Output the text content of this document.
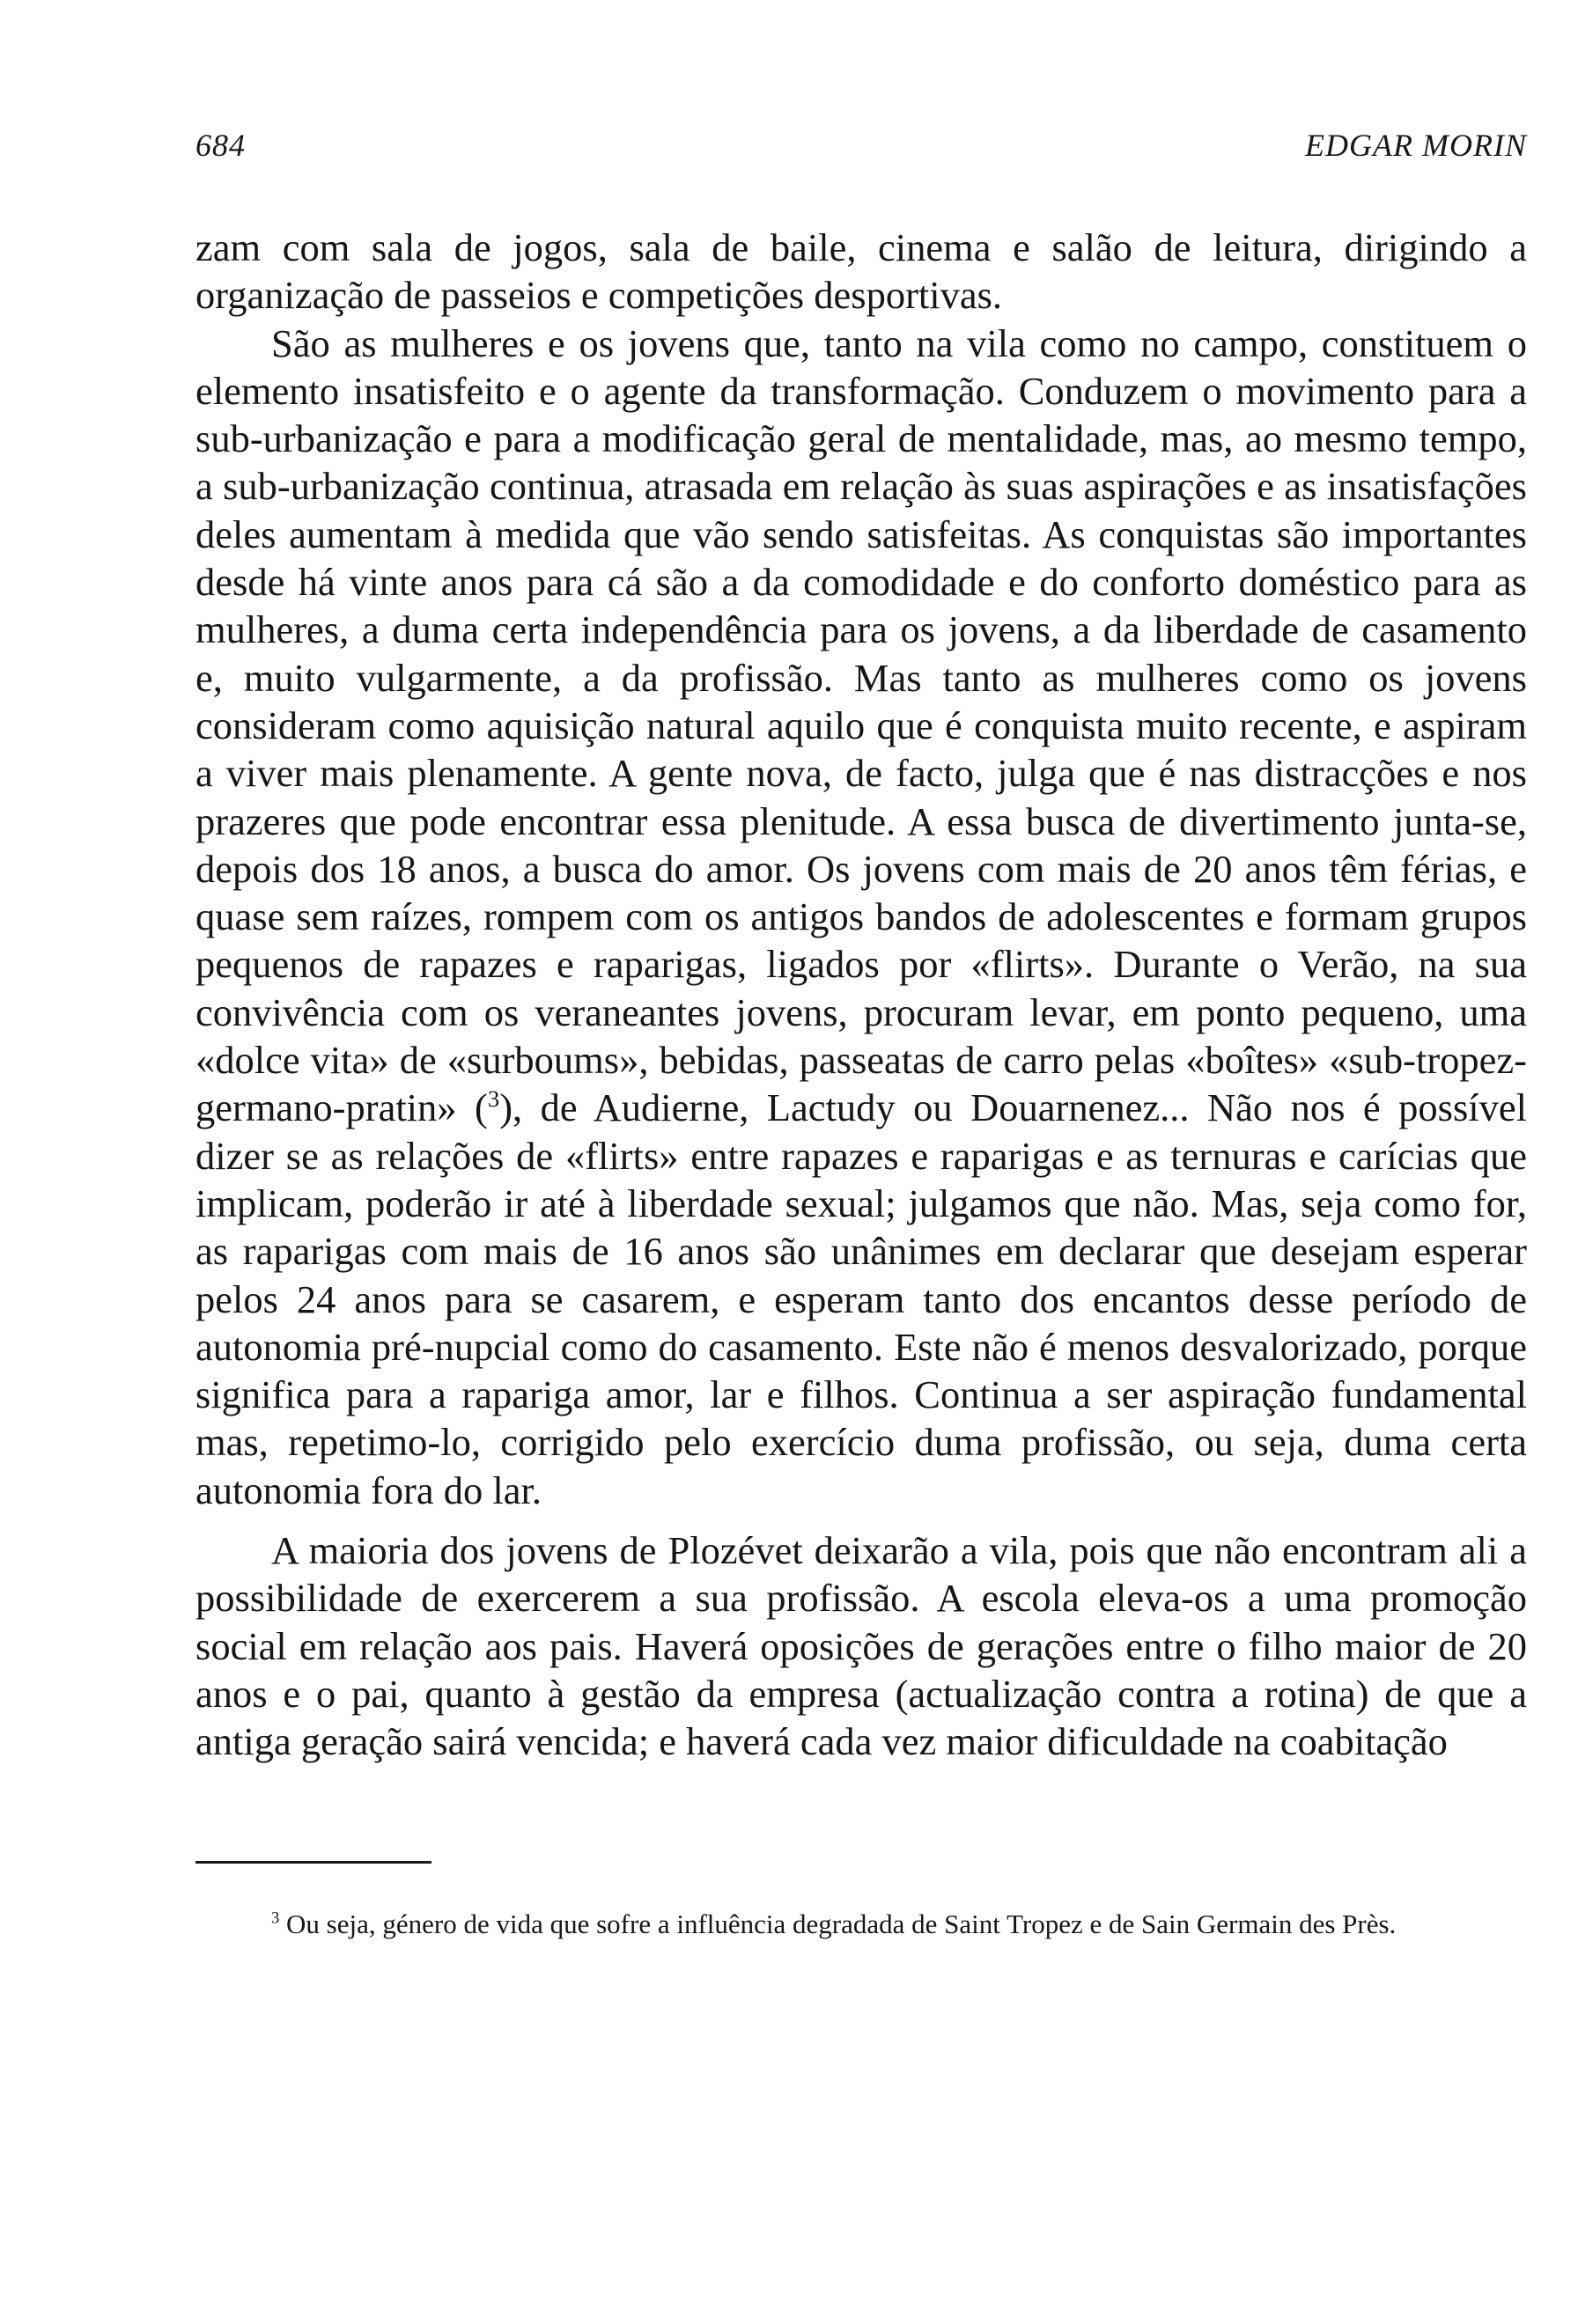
684	EDGAR MORIN

zam com sala de jogos, sala de baile, cinema e salão de leitura, dirigindo a organização de passeios e competições desportivas.

São as mulheres e os jovens que, tanto na vila como no campo, constituem o elemento insatisfeito e o agente da transformação. Conduzem o movimento para a sub-urbanização e para a modificação geral de mentalidade, mas, ao mesmo tempo, a sub-urbanização continua, atrasada em relação às suas aspirações e as insatisfações deles aumentam à medida que vão sendo satisfeitas. As conquistas são importantes desde há vinte anos para cá são a da comodidade e do conforto doméstico para as mulheres, a duma certa independência para os jovens, a da liberdade de casamento e, muito vulgarmente, a da profissão. Mas tanto as mulheres como os jovens consideram como aquisição natural aquilo que é conquista muito recente, e aspiram a viver mais plenamente. A gente nova, de facto, julga que é nas distracções e nos prazeres que pode encontrar essa plenitude. A essa busca de divertimento junta-se, depois dos 18 anos, a busca do amor. Os jovens com mais de 20 anos têm férias, e quase sem raízes, rompem com os antigos bandos de adolescentes e formam grupos pequenos de rapazes e raparigas, ligados por «flirts». Durante o Verão, na sua convivência com os veraneantes jovens, procuram levar, em ponto pequeno, uma «dolce vita» de «surboums», bebidas, passeatas de carro pelas «boîtes» «sub-tropez-germano-pratin» ($^3$), de Audierne, Lactudy ou Douarnenez... Não nos é possível dizer se as relações de «flirts» entre rapazes e raparigas e as ternuras e carícias que implicam, poderão ir até à liberdade sexual; julgamos que não. Mas, seja como for, as raparigas com mais de 16 anos são unânimes em declarar que desejam esperar pelos 24 anos para se casarem, e esperam tanto dos encantos desse período de autonomia pré-nupcial como do casamento. Este não é menos desvalorizado, porque significa para a rapariga amor, lar e filhos. Continua a ser aspiração fundamental mas, repetimo-lo, corrigido pelo exercício duma profissão, ou seja, duma certa autonomia fora do lar.

A maioria dos jovens de Plozévet deixarão a vila, pois que não encontram ali a possibilidade de exercerem a sua profissão. A escola eleva-os a uma promoção social em relação aos pais. Haverá oposições de gerações entre o filho maior de 20 anos e o pai, quanto à gestão da empresa (actualização contra a rotina) de que a antiga geração sairá vencida; e haverá cada vez maior dificuldade na coabitação

$^3$ Ou seja, género de vida que sofre a influência degradada de Saint Tropez e de Sain Germain des Près.
